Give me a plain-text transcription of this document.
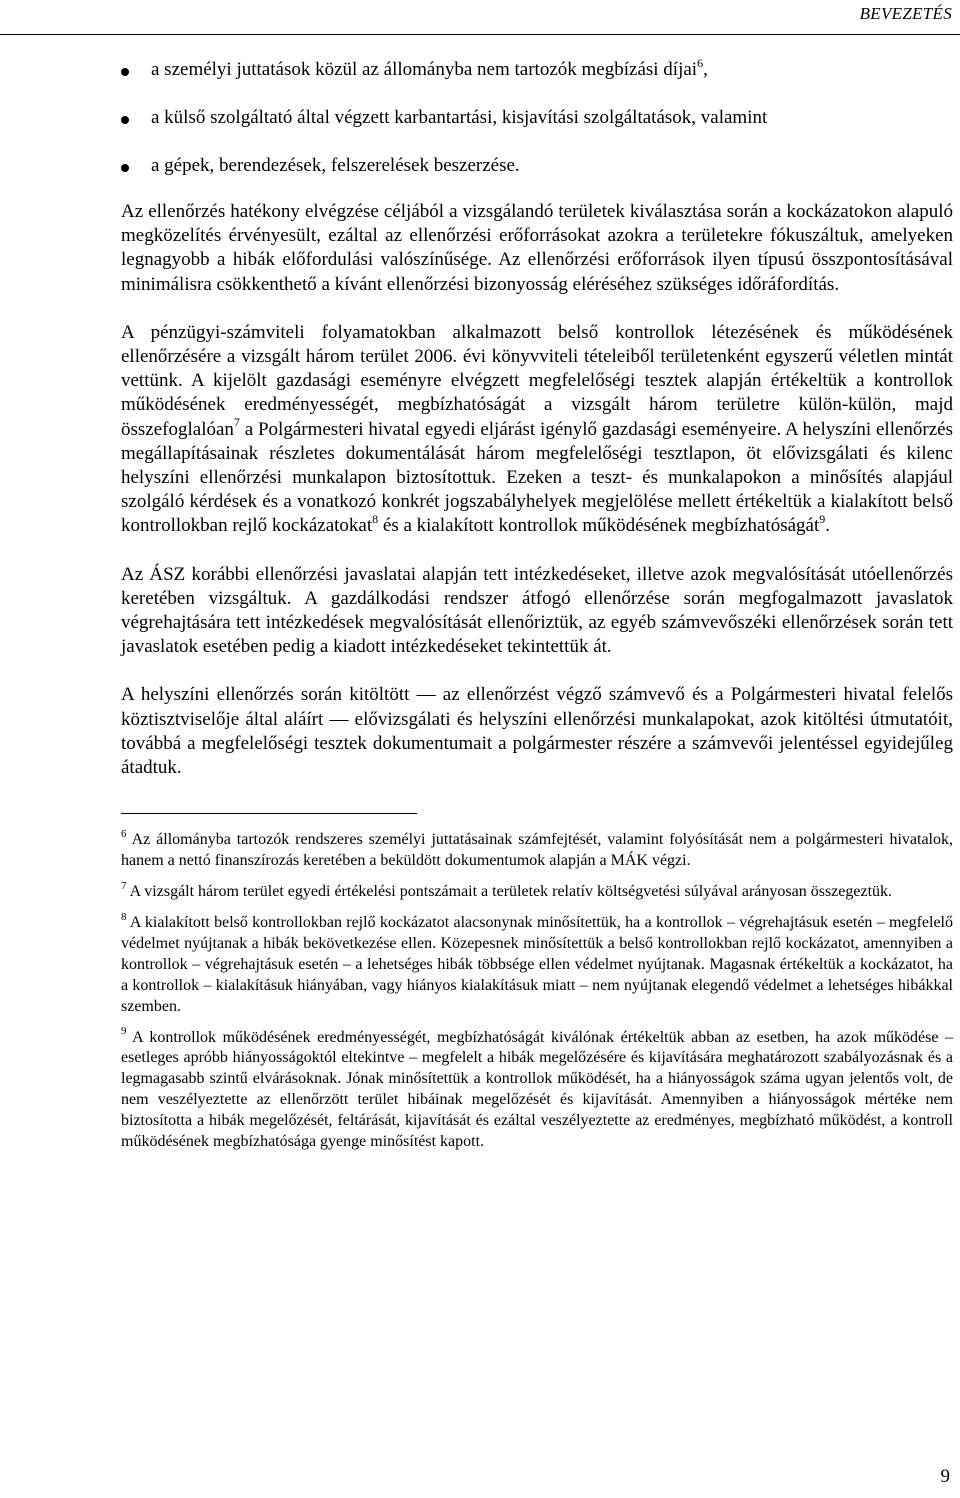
BEVEZETÉS
a személyi juttatások közül az állományba nem tartozók megbízási díjai$^6$,
a külső szolgáltató által végzett karbantartási, kisjavítási szolgáltatások, valamint
a gépek, berendezések, felszerelések beszerzése.

Az ellenőrzés hatékony elvégzése céljából a vizsgálandó területek kiválasztása során a kockázatokon alapuló megközelítés érvényesült, ezáltal az ellenőrzési erőforrásokat azokra a területekre fókuszáltuk, amelyeken legnagyobb a hibák előfordulási valószínűsége. Az ellenőrzési erőforrások ilyen típusú összpontosításával minimálisra csökkenthető a kívánt ellenőrzési bizonyosság eléréséhez szükséges időráfordítás.

A pénzügyi-számviteli folyamatokban alkalmazott belső kontrollok létezésének és működésének ellenőrzésére a vizsgált három terület 2006. évi könyvviteli tételeiből területenként egyszerű véletlen mintát vettünk. A kijelölt gazdasági eseményre elvégzett megfelelőségi tesztek alapján értékeltük a kontrollok működésének eredményességét, megbízhatóságát a vizsgált három területre külön-külön, majd összefoglalóan$^7$ a Polgármesteri hivatal egyedi eljárást igénylő gazdasági eseményeire. A helyszíni ellenőrzés megállapításainak részletes dokumentálását három megfelelőségi tesztlapon, öt elővizsgálati és kilenc helyszíni ellenőrzési munkalapon biztosítottuk. Ezeken a teszt- és munkalapokon a minősítés alapjául szolgáló kérdések és a vonatkozó konkrét jogszabályhelyek megjelölése mellett értékeltük a kialakított belső kontrollokban rejlő kockázatokat$^8$ és a kialakított kontrollok működésének megbízhatóságát$^9$.

Az ÁSZ korábbi ellenőrzési javaslatai alapján tett intézkedéseket, illetve azok megvalósítását utóellenőrzés keretében vizsgáltuk. A gazdálkodási rendszer átfogó ellenőrzése során megfogalmazott javaslatok végrehajtására tett intézkedések megvalósítását ellenőriztük, az egyéb számvevőszéki ellenőrzések során tett javaslatok esetében pedig a kiadott intézkedéseket tekintettük át.

A helyszíni ellenőrzés során kitöltött — az ellenőrzést végző számvevő és a Polgármesteri hivatal felelős köztisztviselője által aláírt — elővizsgálati és helyszíni ellenőrzési munkalapokat, azok kitöltési útmutatóit, továbbá a megfelelőségi tesztek dokumentumait a polgármester részére a számvevői jelentéssel egyidejűleg átadtuk.

$^6$ Az állományba tartozók rendszeres személyi juttatásainak számfejtését, valamint folyósítását nem a polgármesteri hivatalok, hanem a nettó finanszírozás keretében a beküldött dokumentumok alapján a MÁK végzi.

$^7$ A vizsgált három terület egyedi értékelési pontszámait a területek relatív költségvetési súlyával arányosan összegeztük.

$^8$ A kialakított belső kontrollokban rejlő kockázatot alacsonynak minősítettük, ha a kontrollok – végrehajtásuk esetén – megfelelő védelmet nyújtanak a hibák bekövetkezése ellen. Közepesnek minősítettük a belső kontrollokban rejlő kockázatot, amennyiben a kontrollok – végrehajtásuk esetén – a lehetséges hibák többsége ellen védelmet nyújtanak. Magasnak értékeltük a kockázatot, ha a kontrollok – kialakításuk hiányában, vagy hiányos kialakításuk miatt – nem nyújtanak elegendő védelmet a lehetséges hibákkal szemben.

$^9$ A kontrollok működésének eredményességét, megbízhatóságát kiválónak értékeltük abban az esetben, ha azok működése – esetleges apróbb hiányosságoktól eltekintve – megfelelt a hibák megelőzésére és kijavítására meghatározott szabályozásnak és a legmagasabb szintű elvárásoknak. Jónak minősítettük a kontrollok működését, ha a hiányosságok száma ugyan jelentős volt, de nem veszélyeztette az ellenőrzött terület hibáinak megelőzését és kijavítását. Amennyiben a hiányosságok mértéke nem biztosította a hibák megelőzését, feltárását, kijavítását és ezáltal veszélyeztette az eredményes, megbízható működést, a kontroll működésének megbízhatósága gyenge minősítést kapott.

9
